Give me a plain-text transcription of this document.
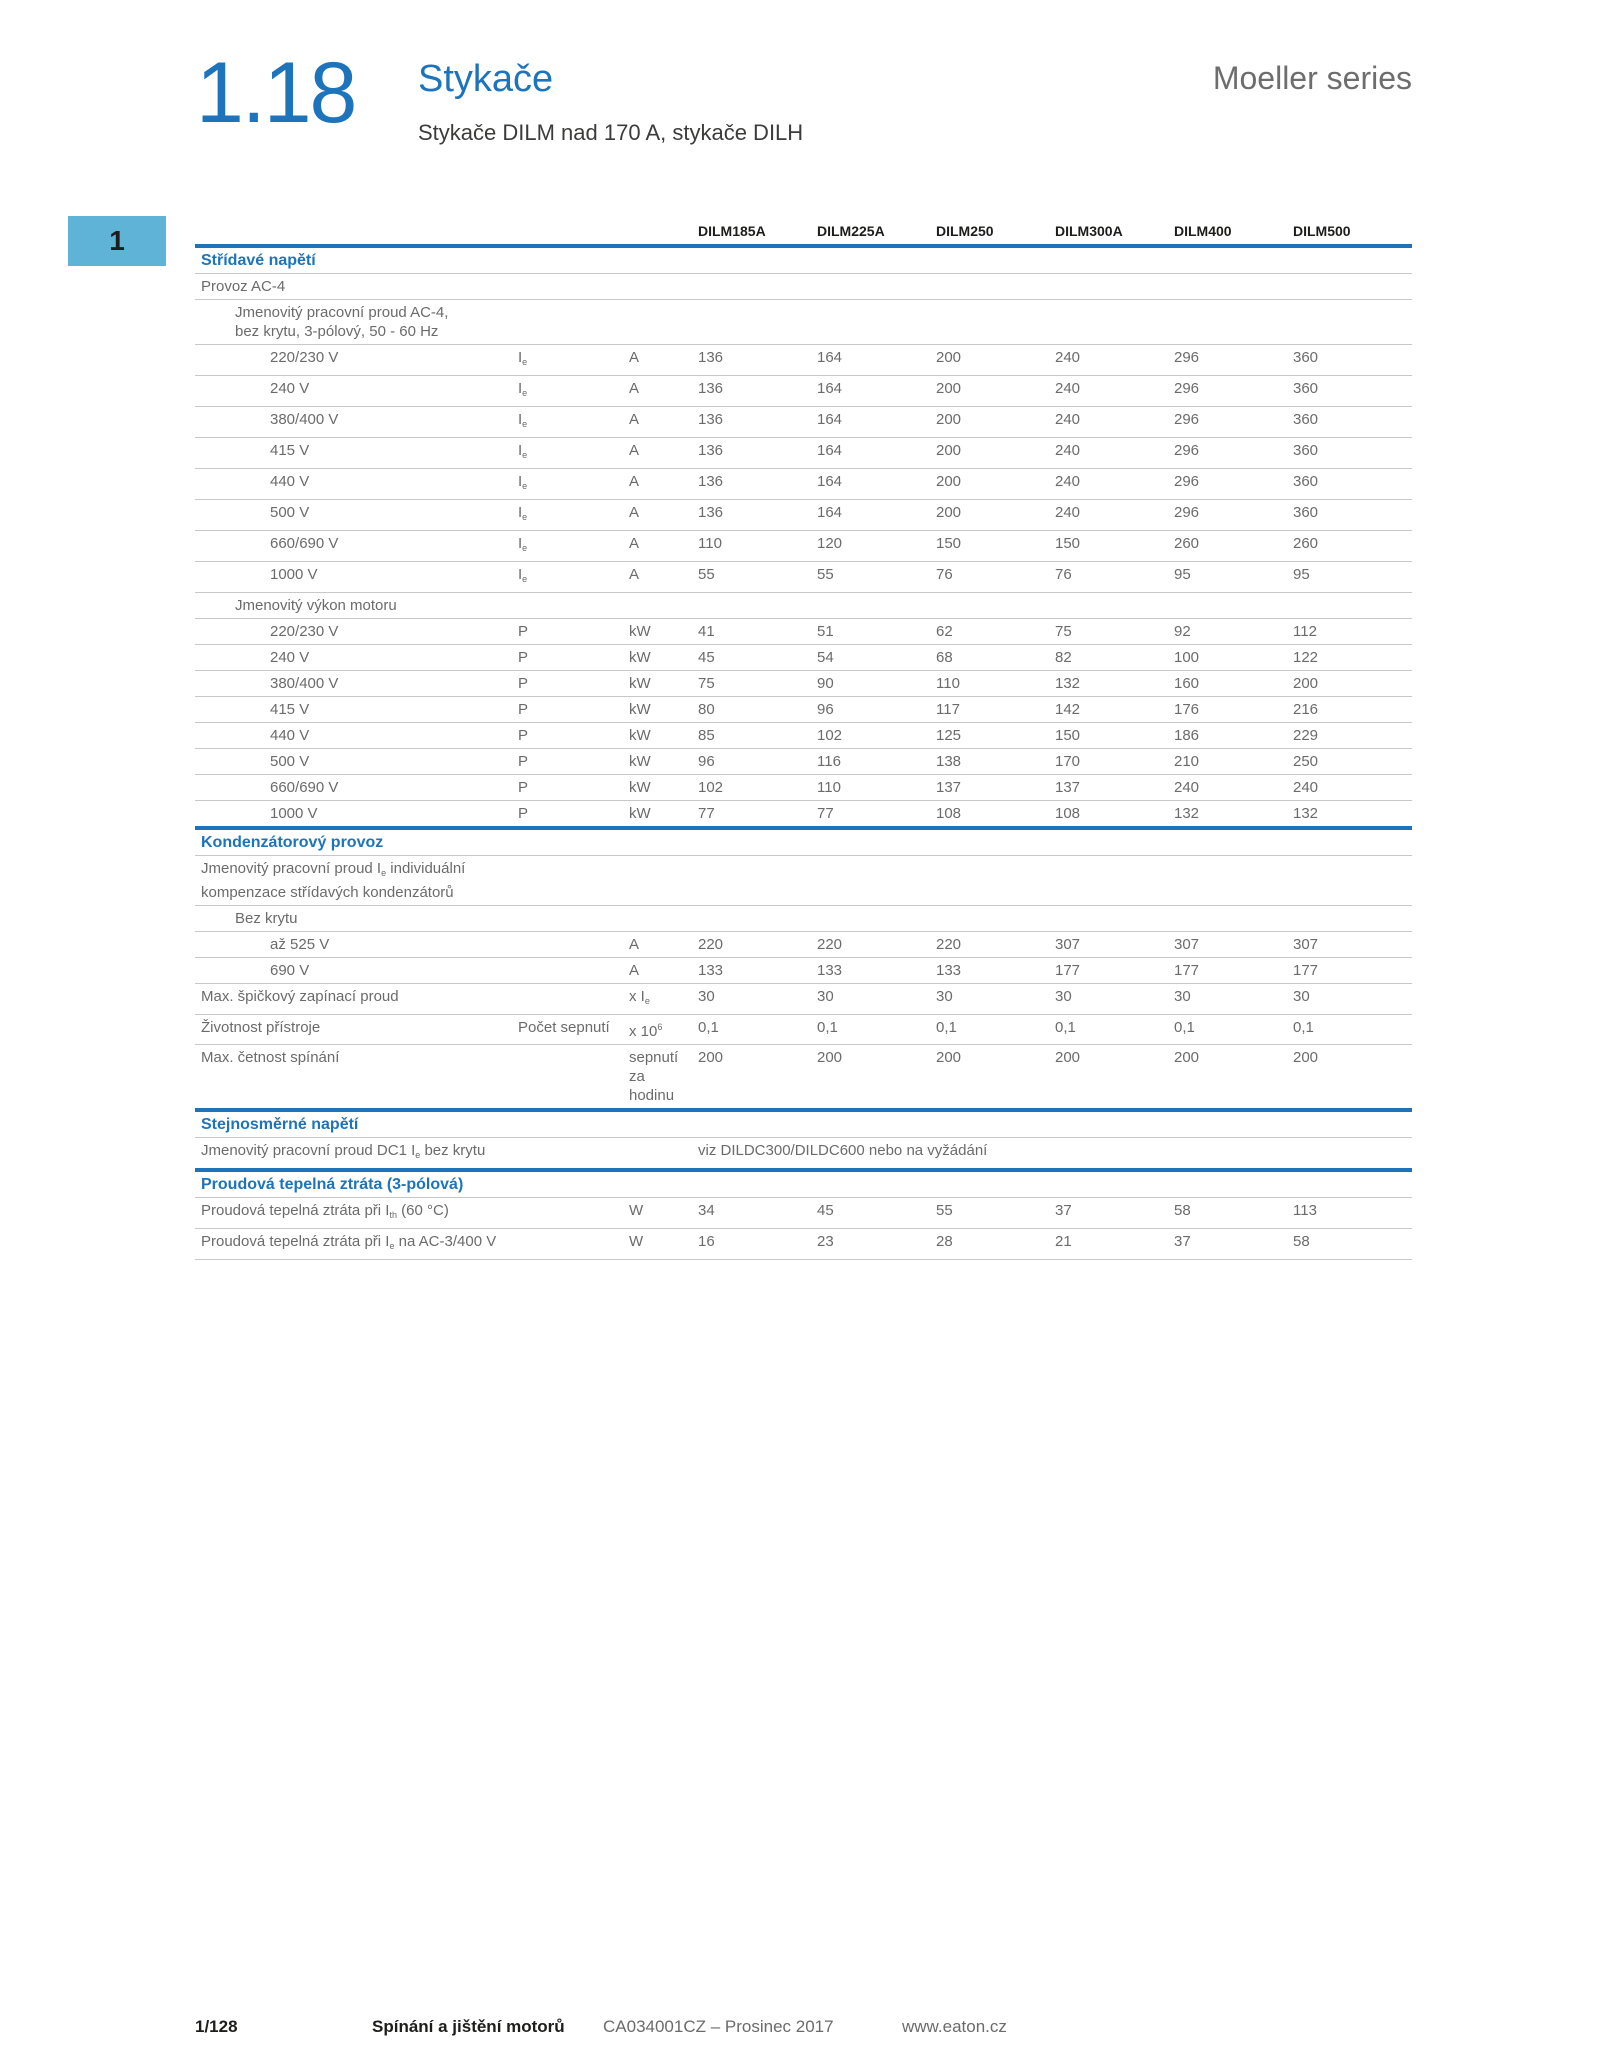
1.18 Stykače
Stykače DILM nad 170 A, stykače DILH
Moeller series
1
				DILM185A	DILM225A	DILM250	DILM300A	DILM400	DILM500
Střídavé napětí								
Provoz AC-4								

Jmenovitý pracovní proud AC-4,
bez krytu, 3-pólový, 50 - 60 Hz								

220/230 V	$I_e$	A	136	164	200	240	296	360
240 V	$I_e$	A	136	164	200	240	296	360
380/400 V	$I_e$	A	136	164	200	240	296	360
415 V	$I_e$	A	136	164	200	240	296	360
440 V	$I_e$	A	136	164	200	240	296	360
500 V	$I_e$	A	136	164	200	240	296	360
660/690 V	$I_e$	A	110	120	150	150	260	260
1000 V	$I_e$	A	55	55	76	76	95	95
Jmenovitý výkon motoru								
220/230 V	P	kW	41	51	62	75	92	112
240 V	P	kW	45	54	68	82	100	122
380/400 V	P	kW	75	90	110	132	160	200
415 V	P	kW	80	96	117	142	176	216
440 V	P	kW	85	102	125	150	186	229
500 V	P	kW	96	116	138	170	210	250
660/690 V	P	kW	102	110	137	137	240	240
1000 V	P	kW	77	77	108	108	132	132
Kondenzátorový provoz								

Jmenovitý pracovní proud $I_e$ individuální
kompenzace střídavých kondenzátorů								

Bez krytu								
až 525 V		A	220	220	220	307	307	307
690 V		A	133	133	133	177	177	177
Max. špičkový zapínací proud		x $I_e$	30	30	30	30	30	30
Životnost přístroje	Počet sepnutí	x $10^6$	0,1	0,1	0,1	0,1	0,1	0,1
Max. četnost spínání		sepnutí
za
hodinu	200	200	200	200	200	200
Stejnosměrné napětí								
Jmenovitý pracovní proud DC1 $I_e$ bez krytu			viz DILDC300/DILDC600 nebo na vyžádání					
Proudová tepelná ztráta (3-pólová)								
Proudová tepelná ztráta při $I_{th}$ (60 °C)		W	34	45	55	37	58	113
Proudová tepelná ztráta při $I_e$ na AC-3/400 V		W	16	23	28	21	37	58
1/128	Spínání a jištění motorů CA034001CZ – Prosinec 2017	www.eaton.cz
